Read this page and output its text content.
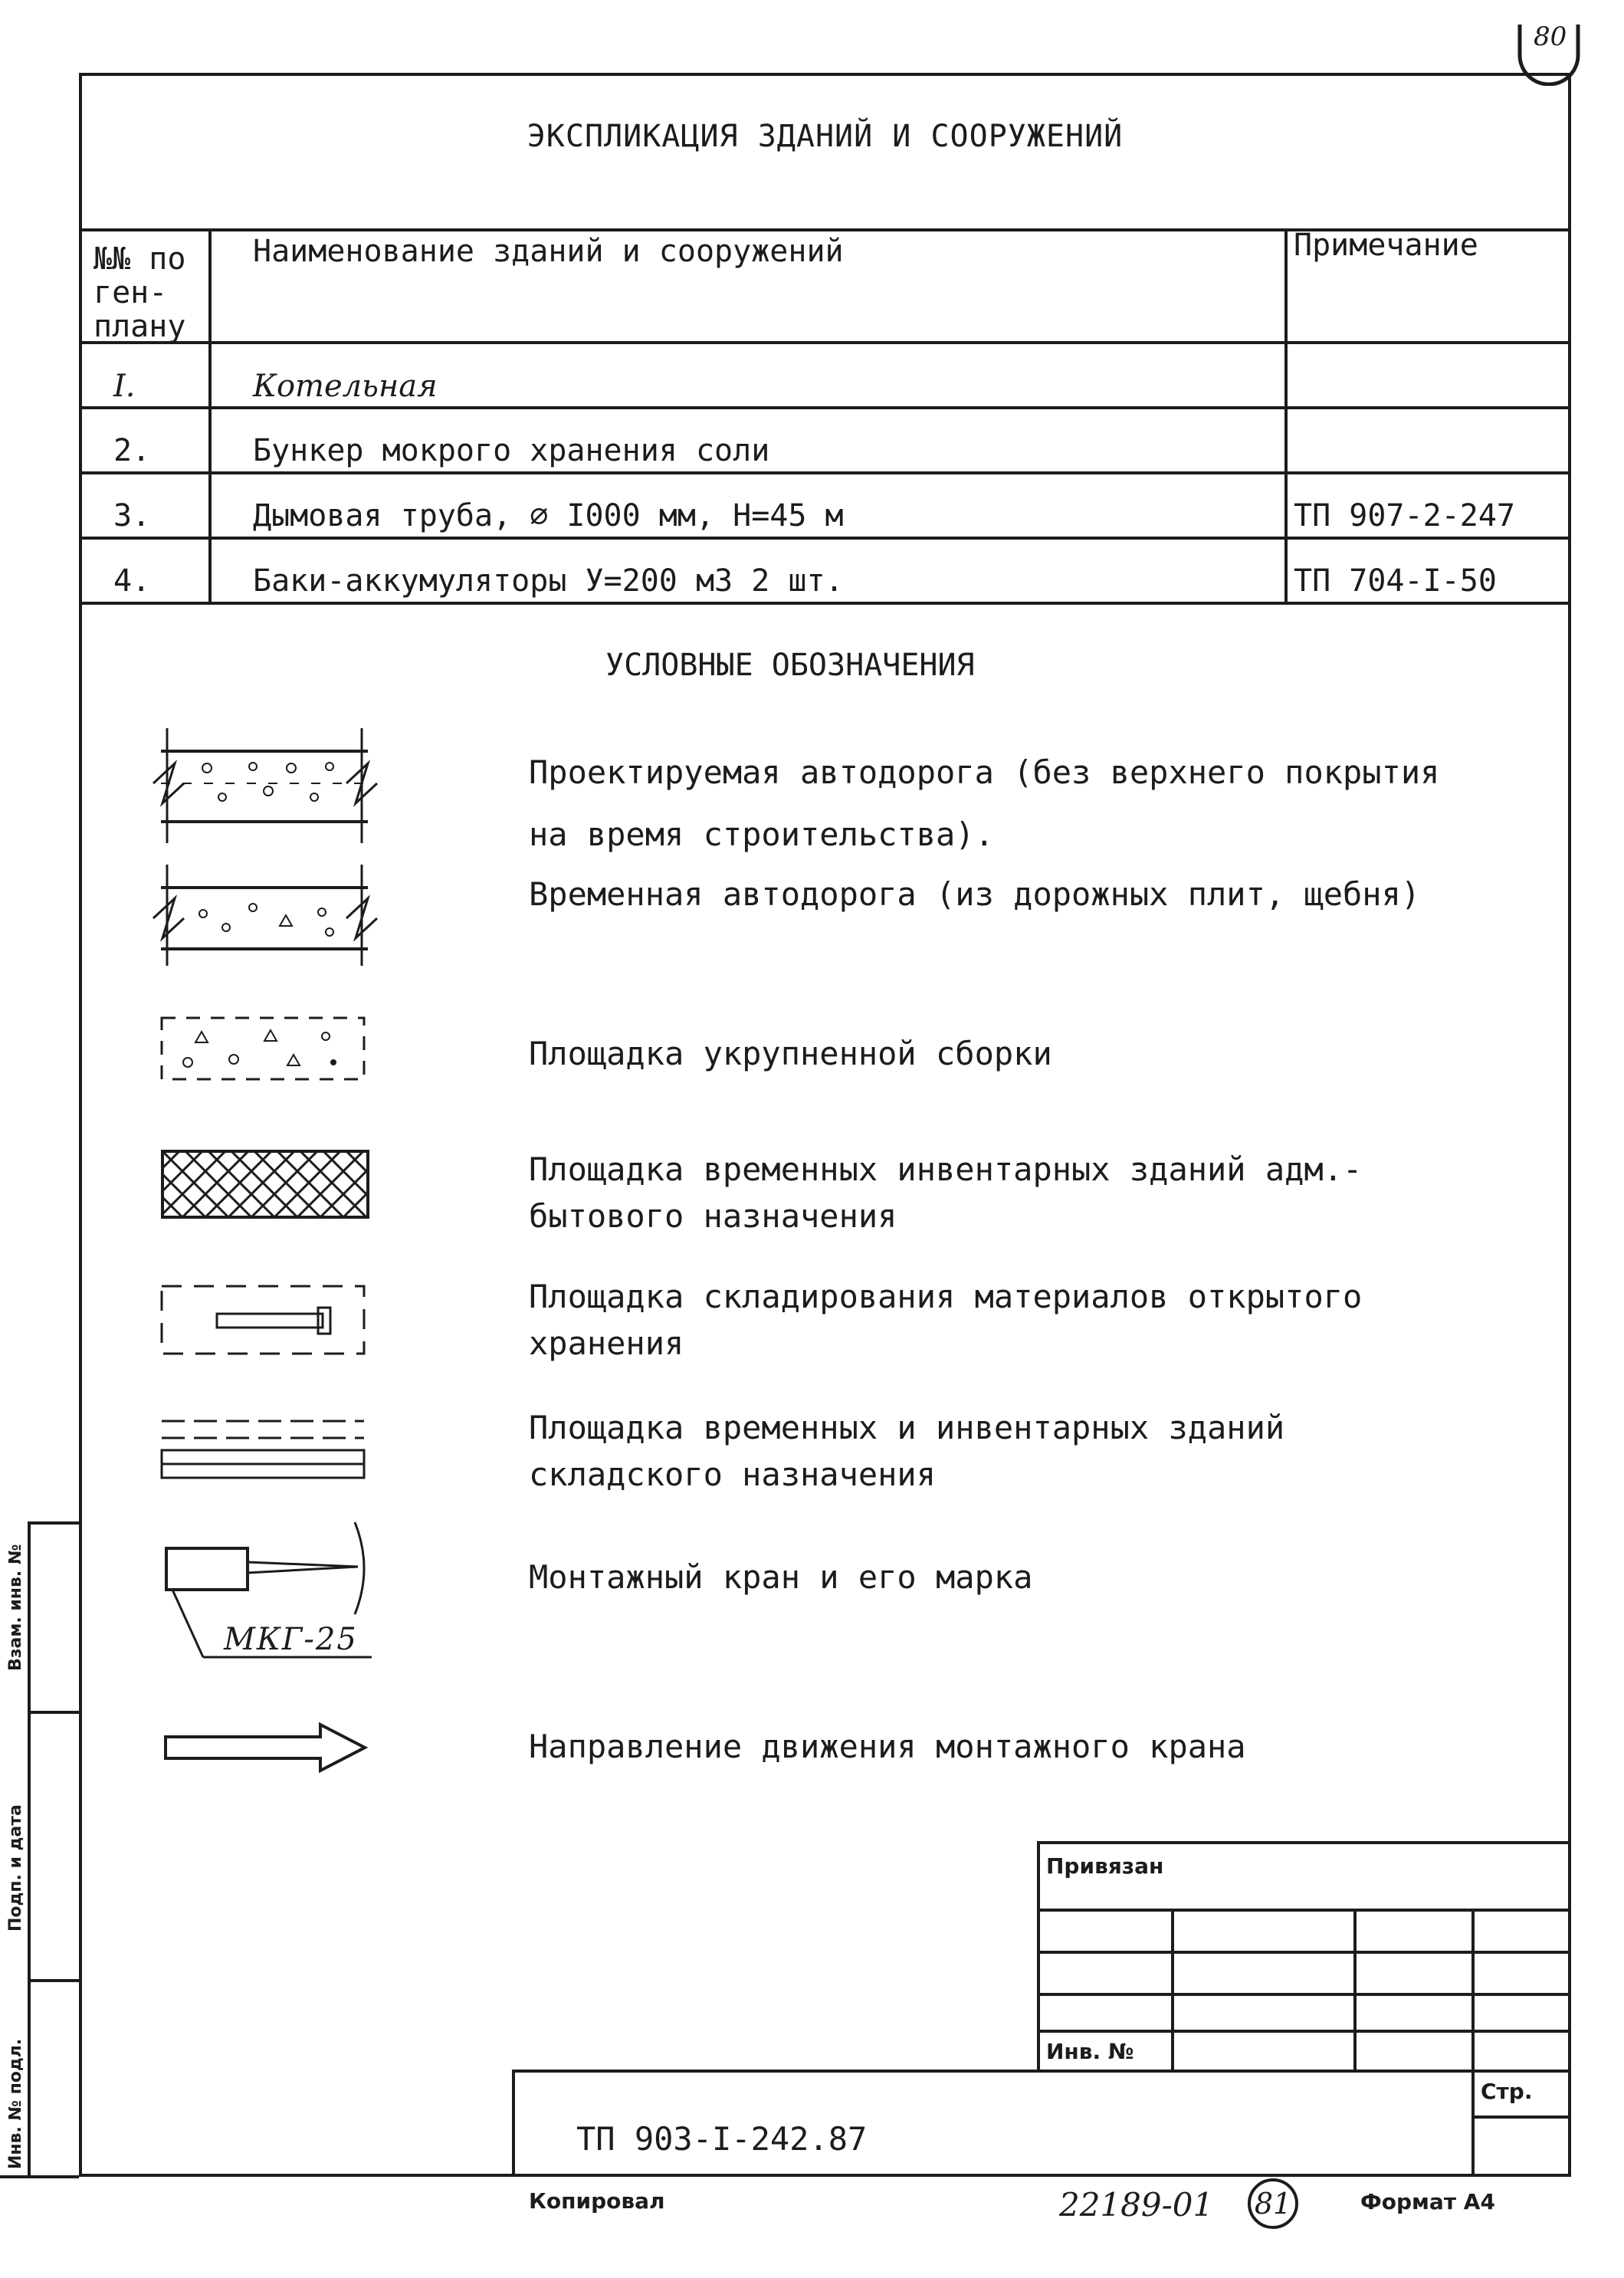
80
ЭКСПЛИКАЦИЯ ЗДАНИЙ И СООРУЖЕНИЙ
№№ по
ген-
плану
Наименование зданий и сооружений	Примечание
I.	Котельная
2.	Бункер мокрого хранения соли
3.	Дымовая труба, ∅ I000 мм, Н=45 м	ТП 907-2-247
4.	Баки-аккумуляторы У=200 м3 2 шт.	ТП 704-I-50
УСЛОВНЫЕ ОБОЗНАЧЕНИЯ
Проектируемая автодорога (без верхнего покрытия
на время строительства).
Временная автодорога (из дорожных плит, щебня)
Площадка укрупненной сборки
Площадка временных инвентарных зданий адм.-
бытового назначения
Площадка складирования материалов открытого
хранения
Площадка временных и инвентарных зданий
складского назначения
МКГ-25
Монтажный кран и его марка
Направление движения монтажного крана
Привязан
Инв. №
Стр.
ТП 903-I-242.87
Инв. № подл.
Подп. и дата
Взам. инв. №
Копировал	22189-01 81	Формат А4
